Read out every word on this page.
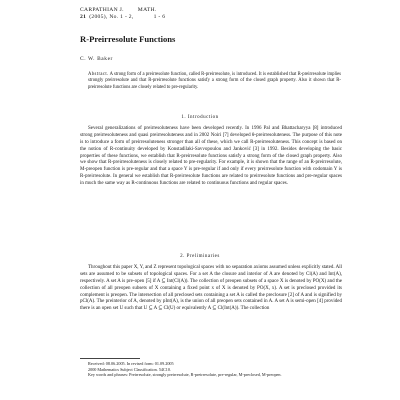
CARPATHIAN J.	MATH.
21 (2005), No. 1 - 2,	1 - 6
R-Preirresolute Functions
C. W. Baker
Abstract. A strong form of a preirresolute function, called R-preirresolute, is introduced. It is established that R-preirresolute implies strongly preirresolute and that R-preirresolute functions satisfy a strong form of the closed graph property. Also it shown that R-preirresolute functions are closely related to pre-regularity.
1. Introduction

Several generalizations of preirresoluteness have been developed recently. In 1996 Pal and Bhattacharyya [8] introduced strong preirresoluteness and quasi preirresoluteness and in 2002 Noiri [7] developed θ-preirresoluteness. The purpose of this note is to introduce a form of preirresoluteness stronger than all of these, which we call R-preirresoluteness. This concept is based on the notion of R-continuity developed by Konstadilaki-Savvopoulou and Janković [3] in 1992. Besides developing the basic properties of these functions, we establish that R-preirresolute functions satisfy a strong form of the closed graph property. Also we show that R-preirresoluteness is closely related to pre-regularity. For example, it is shown that the range of an R-preirresolute, M-preopen function is pre-regular and that a space Y is pre-regular if and only if every preirresolute function with codomain Y is R-preirresolute. In general we establish that R-preirresolute functions are related to preirresolute functions and pre-regular spaces in much the same way as R-continuous functions are related to continuous functions and regular spaces.

2. Preliminaries

Throughout this paper X, Y, and Z represent topological spaces with no separation axioms assumed unless explicitly stated. All sets are assumed to be subsets of topological spaces. For a set A the closure and interior of A are denoted by Cl(A) and Int(A), respectively. A set A is pre-open [5] if A ⊆ Int(Cl(A)). The collection of preopen subsets of a space X is denoted by PO(X) and the collection of all preopen subsets of X containing a fixed point x of X is denoted by PO(X, x). A set is preclosed provided its complement is preopen. The intersection of all preclosed sets containing a set A is called the preclosure [2] of A and is signified by pCl(A). The preinterior of A, denoted by pInt(A), is the union of all preopen sets contained in A. A set A is semi-open [4] provided there is an open set U such that U ⊆ A ⊆ Cl(U) or equivalently A ⊆ Cl(Int(A)). The collection

Received: 08.06.2005. In revised form: 01.09.2005
2000 Mathematics Subject Classification. 54C10.
Key words and phrases: Preirresolute, strongly preirresolute, R-preirresolute, pre-regular, M-preclosed, M-preopen.
